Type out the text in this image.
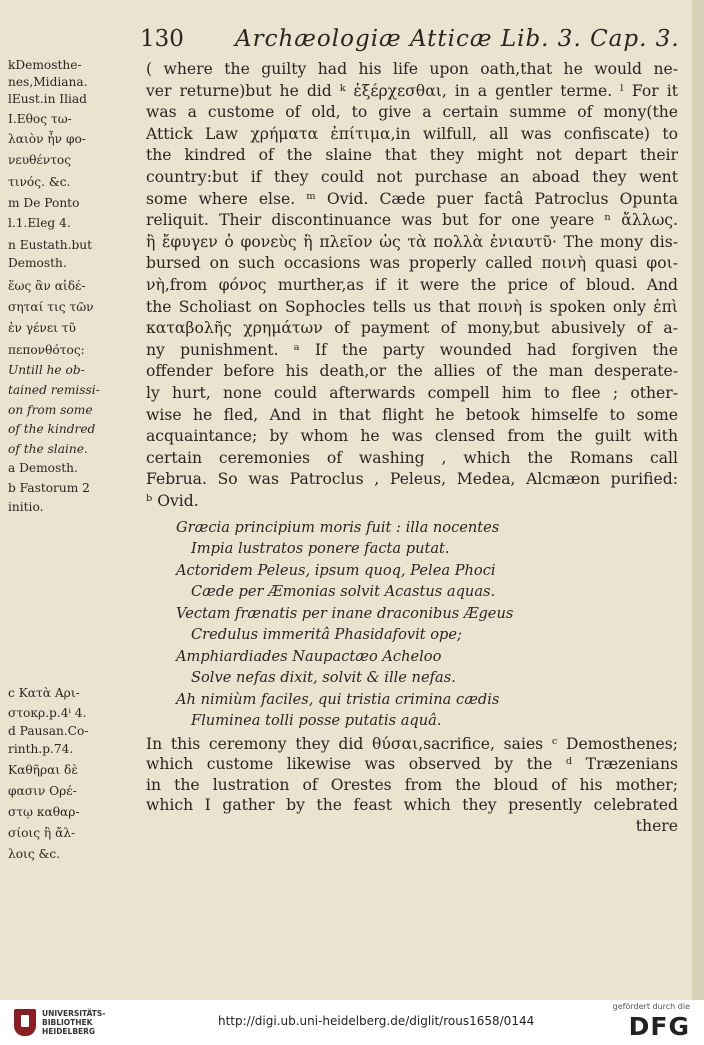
130 Archæologiæ Atticæ Lib. 3. Cap. 3.
kDemosthe-
nes,Midiana.
lEust.in Iliad
Ι.Εθος τω-
λαιὸν ἦν φο-
νευθέντος
τινός. &c.
m De Ponto
l.1.Eleg 4.
n Eustath.but
Demosth.
ἕως ἂν αἰδέ-
σηταί τις τῶν
ἐν γένει τῦ
πεπονθότος:
Untill he ob-
tained remissi-
on from some
of the kindred
of the slaine.
a Demosth.
b Fastorum 2
initio.
c Κατὰ Αρι-
στοκρ.p.4ⁱ 4.
d Pausan.Co-
rinth.p.74.
Καθῆραι δὲ
φασιν Ορέ-
στῳ καθαρ-
σίοις ἢ ἄλ-
λοις &c.
( where the guilty had his life upon oath,that he would ne-
ver returne)but he did ᵏ ἐξέρχεσθαι, in a gentler terme. ˡ For it
was a custome of old, to give a certain summe of mony(the
Attick Law χρήματα ἐπίτιμα,in wilfull, all was confiscate) to
the kindred of the slaine that they might not depart their
country:but if they could not purchase an aboad they went
some where else. ᵐ Ovid. Cæde puer factâ Patroclus Opunta
reliquit. Their discontinuance was but for one yeare ⁿ ἄλλως.
ἢ ἔφυγεν ὁ φονεὺς ἢ πλεῖον ὡς τὰ πολλὰ ἐνιαυτῦ· The mony dis-
bursed on such occasions was properly called ποινὴ quasi φοι-
νὴ,from φόνος murther,as if it were the price of bloud. And
the Scholiast on Sophocles tells us that ποινὴ is spoken only ἐπὶ
καταβολῆς χρημάτων of payment of mony,but abusively of a-
ny punishment. ᵃ If the party wounded had forgiven the
offender before his death,or the allies of the man desperate-
ly hurt, none could afterwards compell him to flee ; other-
wise he fled, And in that flight he betook himselfe to some
acquaintance; by whom he was clensed from the guilt with
certain ceremonies of washing , which the Romans call
Februa. So was Patroclus , Peleus, Medea, Alcmæon purified:
ᵇ Ovid.
Græcia principium moris fuit : illa nocentes
Impia lustratos ponere facta putat.
Actoridem Peleus, ipsum quoq, Pelea Phoci
Cæde per Æmonias solvit Acastus aquas.
Vectam frænatis per inane draconibus Ægeus
Credulus immeritâ Phasidafovit ope;
Amphiardiades Naupactæo Acheloo
Solve nefas dixit, solvit & ille nefas.
Ah nimiùm faciles, qui tristia crimina cædis
Fluminea tolli posse putatis aquâ.
In this ceremony they did θύσαι,sacrifice, saies ᶜ Demosthenes;
which custome likewise was observed by the ᵈ Træzenians
in the lustration of Orestes from the bloud of his mother;
which I gather by the feast which they presently celebrated
there
UNIVERSITÄTS-
BIBLIOTHEK
HEIDELBERG
http://digi.ub.uni-heidelberg.de/diglit/rous1658/0144
gefördert durch die
DFG
